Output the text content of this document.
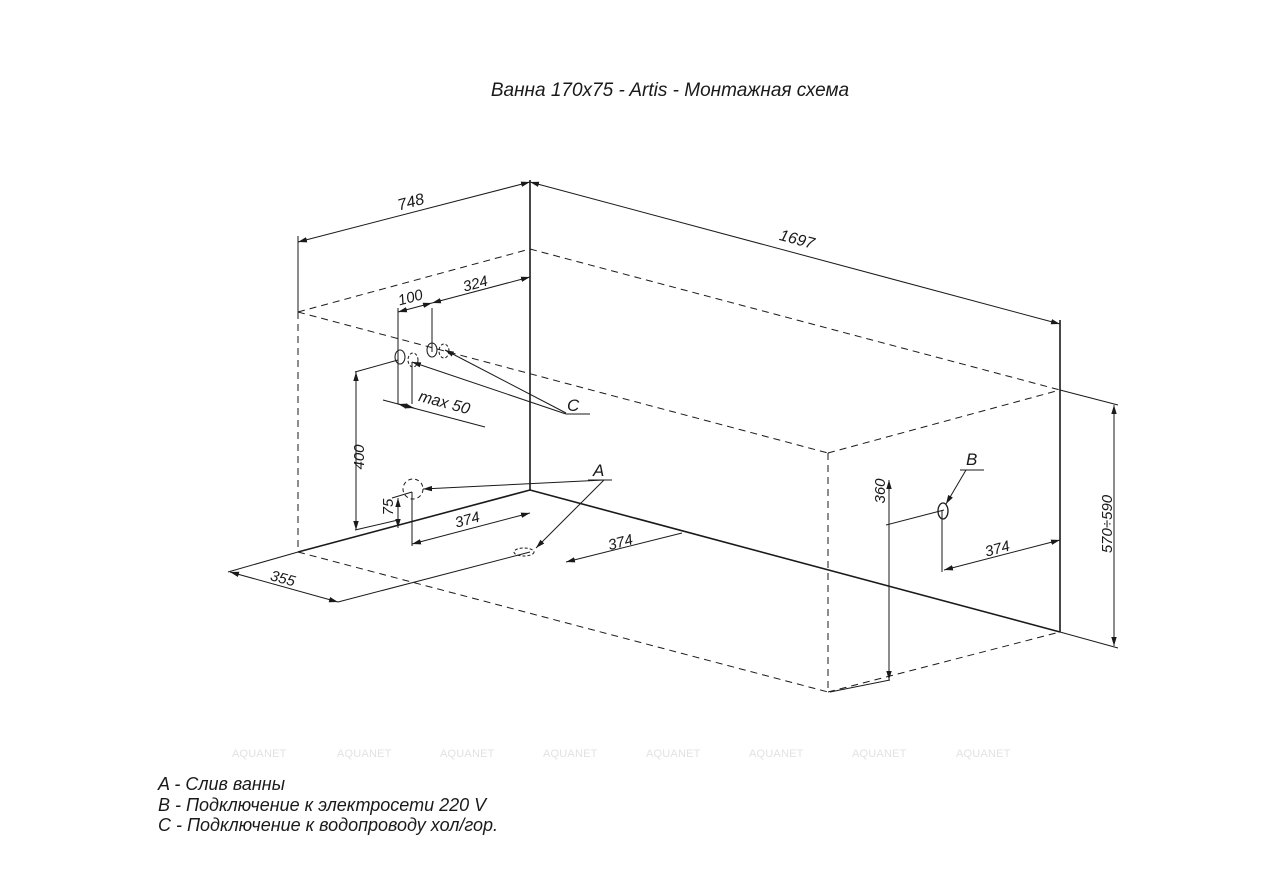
Ванна 170x75 - Artis - Монтажная схема
748
1697
100
324
max 50
400
75
374
374
355
360
374	570÷590
A
B
C
AQUANET	AQUANET	AQUANET	AQUANET	AQUANET	AQUANET	AQUANET	AQUANET
A - Слив ванны
B - Подключение к электросети 220 V
C - Подключение к водопроводу хол/гор.
